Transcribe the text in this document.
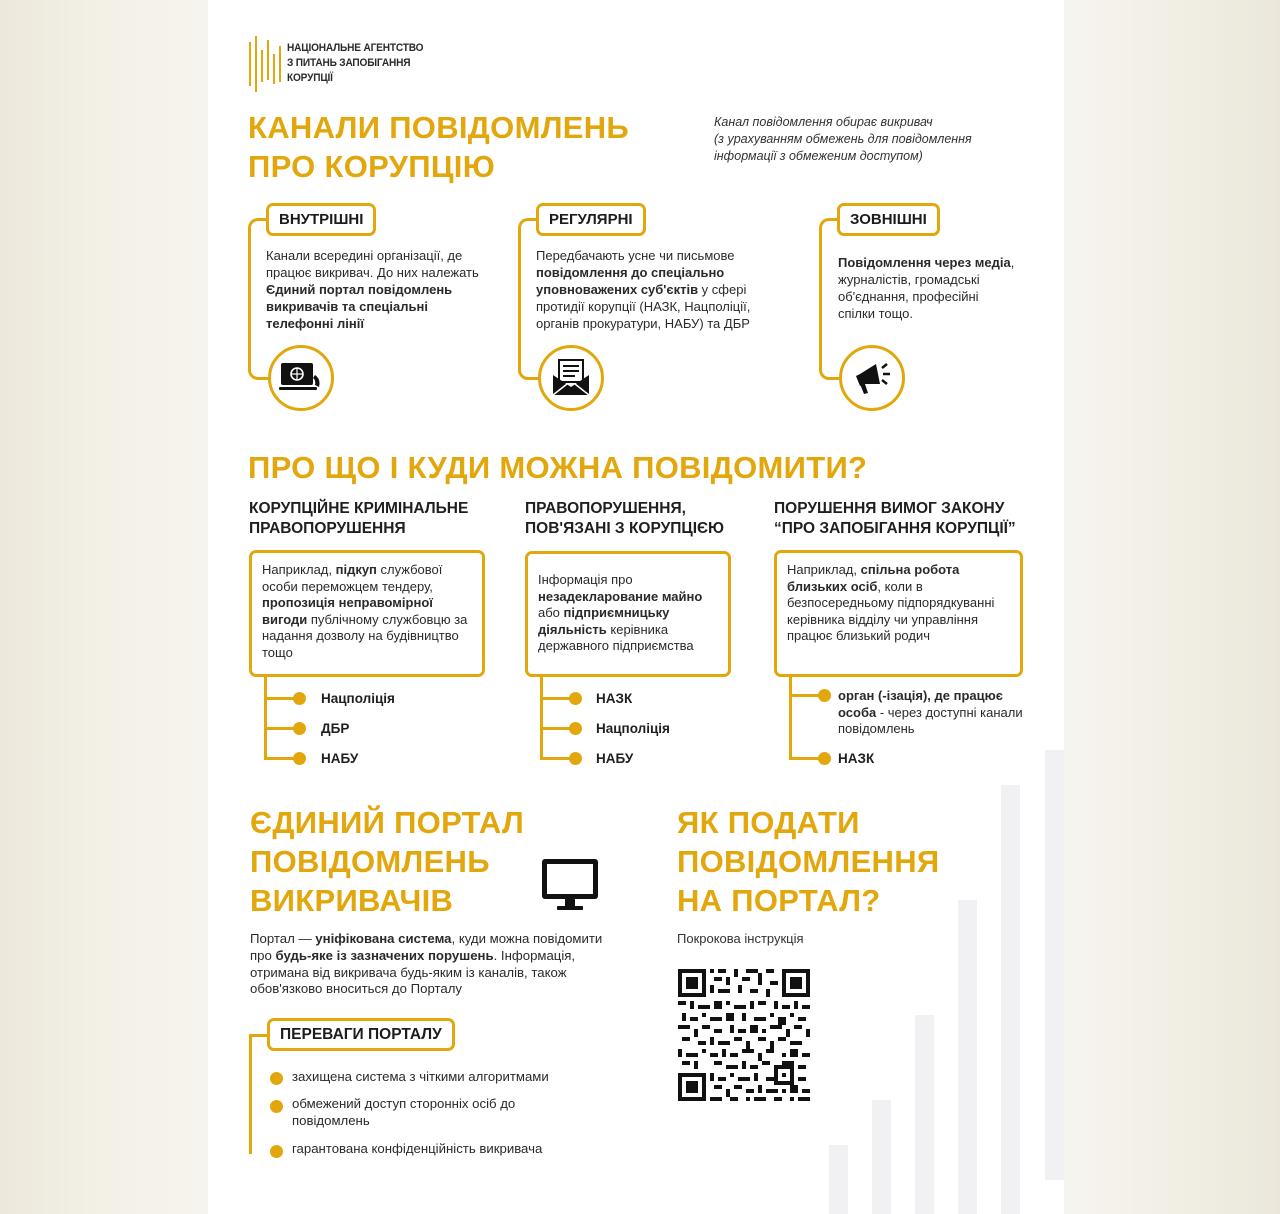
НАЦІОНАЛЬНЕ АГЕНТСТВО
З ПИТАНЬ ЗАПОБІГАННЯ
КОРУПЦІЇ
КАНАЛИ ПОВІДОМЛЕНЬ
ПРО КОРУПЦІЮ
Канал повідомлення обирає викривач
(з урахуванням обмежень для повідомлення
інформації з обмеженим доступом)
ВНУТРІШНІ
Канали всередині організації, де працює викривач. До них належать Єдиний портал повідомлень викривачів та спеціальні телефонні лінії
РЕГУЛЯРНІ
Передбачають усне чи письмове повідомлення до спеціально уповноважених суб'єктів у сфері протидії корупції (НАЗК, Нацполіції, органів прокуратури, НАБУ) та ДБР
ЗОВНІШНІ
Повідомлення через медіа, журналістів, громадські об'єднання, професійні спілки тощо.
ПРО ЩО І КУДИ МОЖНА ПОВІДОМИТИ?
КОРУПЦІЙНЕ КРИМІНАЛЬНЕ
ПРАВОПОРУШЕННЯ
Наприклад, підкуп службової особи переможцем тендеру, пропозиція неправомірної вигоди публічному службовцю за надання дозволу на будівництво тощо
Нацполіція
ДБР
НАБУ
ПРАВОПОРУШЕННЯ,
ПОВ'ЯЗАНІ З КОРУПЦІЄЮ
Інформація про незадекларование майно або підприємницьку діяльність керівника державного підприємства
НАЗК
Нацполіція
НАБУ
ПОРУШЕННЯ ВИМОГ ЗАКОНУ
“ПРО ЗАПОБІГАННЯ КОРУПЦІЇ”
Наприклад, спільна робота близьких осіб, коли в безпосередньому підпорядкуванні керівника відділу чи управління працює близький родич
орган (-ізація), де працює особа - через доступні канали повідомлень
НАЗК
ЄДИНИЙ ПОРТАЛ
ПОВІДОМЛЕНЬ
ВИКРИВАЧІВ
Портал — уніфікована система, куди можна повідомити про будь-яке із зазначених порушень. Інформація, отримана від викривача будь-яким із каналів, також обов'язково вноситься до Порталу
ПЕРЕВАГИ ПОРТАЛУ
захищена система з чіткими алгоритмами
обмежений доступ сторонніх осіб до повідомлень
гарантована конфіденційність викривача
ЯК ПОДАТИ
ПОВІДОМЛЕННЯ
НА ПОРТАЛ?
Покрокова інструкція
